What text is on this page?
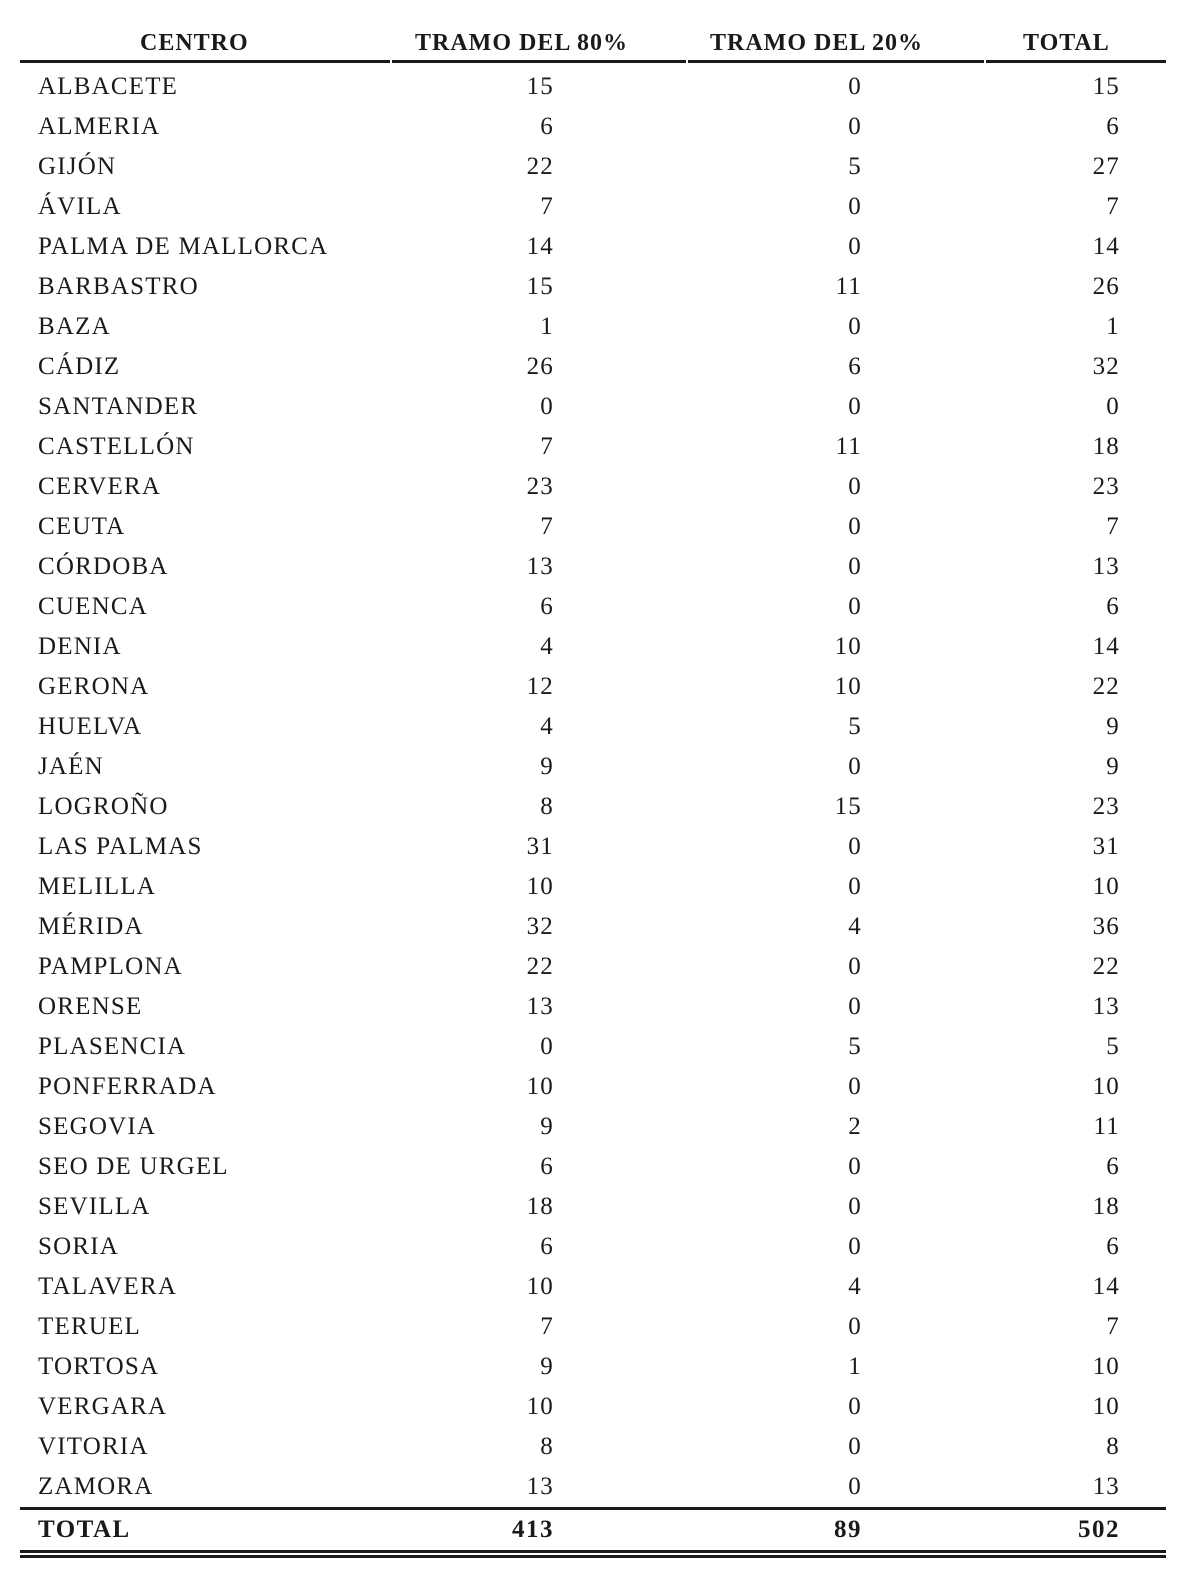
CENTRO	TRAMO DEL 80%	TRAMO DEL 20%	TOTAL
ALBACETE	15	0	15
ALMERIA	6	0	6
GIJÓN	22	5	27
ÁVILA	7	0	7
PALMA DE MALLORCA	14	0	14
BARBASTRO	15	11	26
BAZA	1	0	1
CÁDIZ	26	6	32
SANTANDER	0	0	0
CASTELLÓN	7	11	18
CERVERA	23	0	23
CEUTA	7	0	7
CÓRDOBA	13	0	13
CUENCA	6	0	6
DENIA	4	10	14
GERONA	12	10	22
HUELVA	4	5	9
JAÉN	9	0	9
LOGROÑO	8	15	23
LAS PALMAS	31	0	31
MELILLA	10	0	10
MÉRIDA	32	4	36
PAMPLONA	22	0	22
ORENSE	13	0	13
PLASENCIA	0	5	5
PONFERRADA	10	0	10
SEGOVIA	9	2	11
SEO DE URGEL	6	0	6
SEVILLA	18	0	18
SORIA	6	0	6
TALAVERA	10	4	14
TERUEL	7	0	7
TORTOSA	9	1	10
VERGARA	10	0	10
VITORIA	8	0	8
ZAMORA	13	0	13
TOTAL	413	89	502
